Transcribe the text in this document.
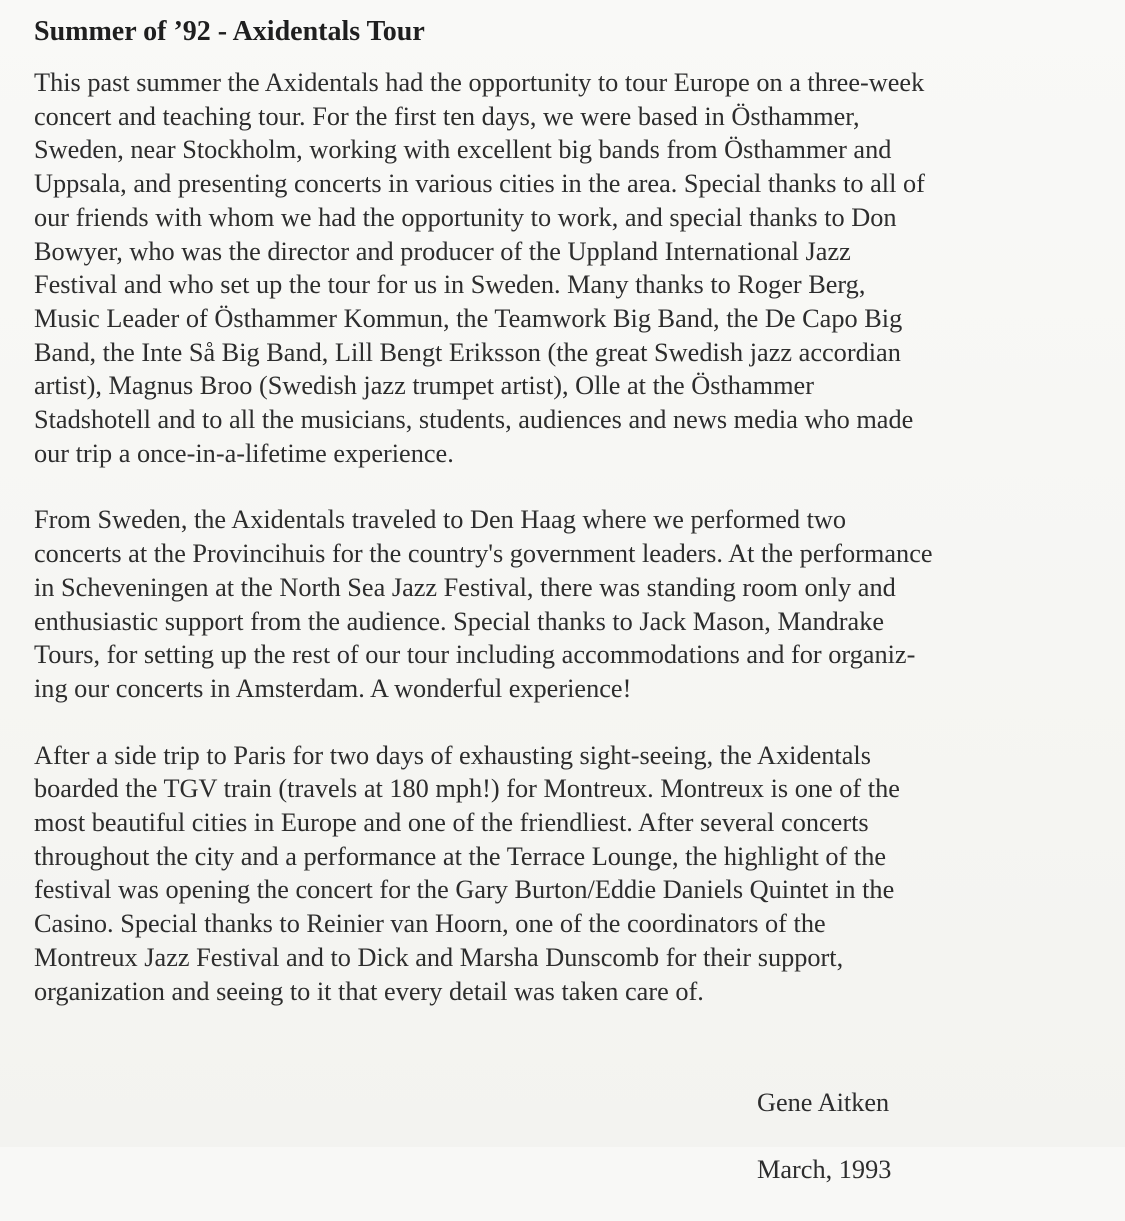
Summer of ’92 - Axidentals Tour

This past summer the Axidentals had the opportunity to tour Europe on a three-week
concert and teaching tour. For the first ten days, we were based in Östhammer,
Sweden, near Stockholm, working with excellent big bands from Östhammer and
Uppsala, and presenting concerts in various cities in the area. Special thanks to all of
our friends with whom we had the opportunity to work, and special thanks to Don
Bowyer, who was the director and producer of the Uppland International Jazz
Festival and who set up the tour for us in Sweden. Many thanks to Roger Berg,
Music Leader of Östhammer Kommun, the Teamwork Big Band, the De Capo Big
Band, the Inte Så Big Band, Lill Bengt Eriksson (the great Swedish jazz accordian
artist), Magnus Broo (Swedish jazz trumpet artist), Olle at the Östhammer
Stadshotell and to all the musicians, students, audiences and news media who made
our trip a once-in-a-lifetime experience.

From Sweden, the Axidentals traveled to Den Haag where we performed two
concerts at the Provincihuis for the country's government leaders. At the performance
in Scheveningen at the North Sea Jazz Festival, there was standing room only and
enthusiastic support from the audience. Special thanks to Jack Mason, Mandrake
Tours, for setting up the rest of our tour including accommodations and for organiz-
ing our concerts in Amsterdam. A wonderful experience!

After a side trip to Paris for two days of exhausting sight-seeing, the Axidentals
boarded the TGV train (travels at 180 mph!) for Montreux. Montreux is one of the
most beautiful cities in Europe and one of the friendliest. After several concerts
throughout the city and a performance at the Terrace Lounge, the highlight of the
festival was opening the concert for the Gary Burton/Eddie Daniels Quintet in the
Casino. Special thanks to Reinier van Hoorn, one of the coordinators of the
Montreux Jazz Festival and to Dick and Marsha Dunscomb for their support,
organization and seeing to it that every detail was taken care of.

Gene Aitken

March, 1993
